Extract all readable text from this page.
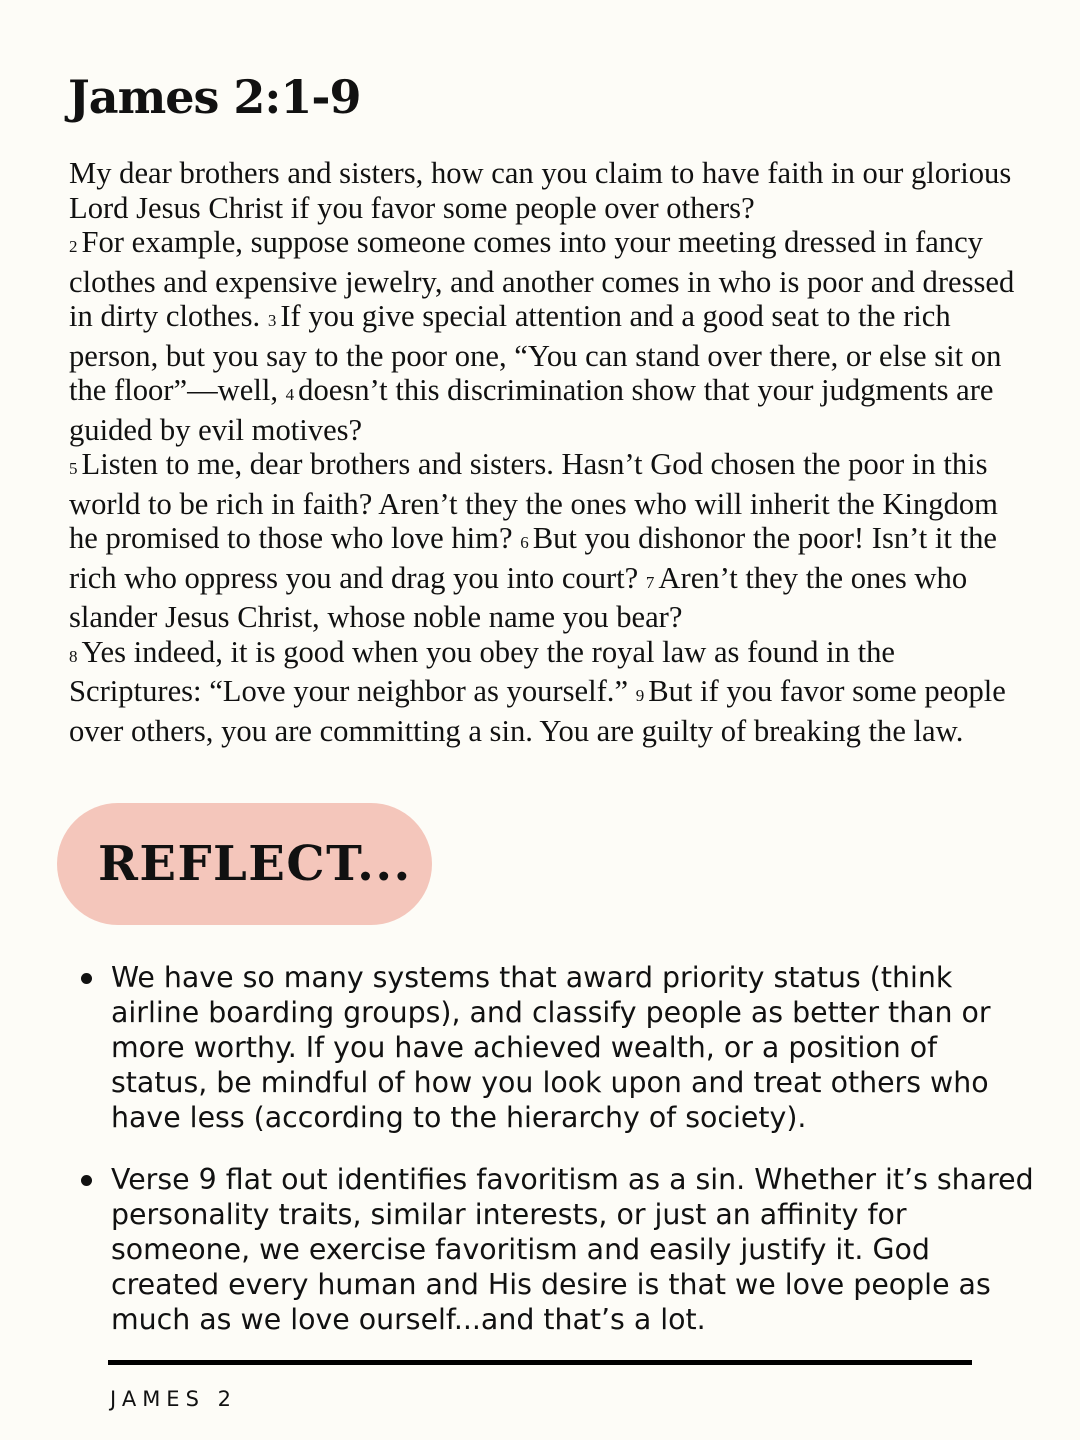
James 2:1-9

My dear brothers and sisters, how can you claim to have faith in our glorious Lord Jesus Christ if you favor some people over others?
2 For example, suppose someone comes into your meeting dressed in fancy clothes and expensive jewelry, and another comes in who is poor and dressed in dirty clothes. 3 If you give special attention and a good seat to the rich person, but you say to the poor one, “You can stand over there, or else sit on the floor”—well, 4 doesn’t this discrimination show that your judgments are guided by evil motives?
5 Listen to me, dear brothers and sisters. Hasn’t God chosen the poor in this world to be rich in faith? Aren’t they the ones who will inherit the Kingdom he promised to those who love him? 6 But you dishonor the poor! Isn’t it the rich who oppress you and drag you into court? 7 Aren’t they the ones who slander Jesus Christ, whose noble name you bear?
8 Yes indeed, it is good when you obey the royal law as found in the Scriptures: “Love your neighbor as yourself.” 9 But if you favor some people over others, you are committing a sin. You are guilty of breaking the law.

REFLECT...
We have so many systems that award priority status (think airline boarding groups), and classify people as better than or more worthy. If you have achieved wealth, or a position of status, be mindful of how you look upon and treat others who have less (according to the hierarchy of society).
Verse 9 flat out identifies favoritism as a sin. Whether it’s shared personality traits, similar interests, or just an affinity for someone, we exercise favoritism and easily justify it. God created every human and His desire is that we love people as much as we love ourself...and that’s a lot.

JAMES 2
